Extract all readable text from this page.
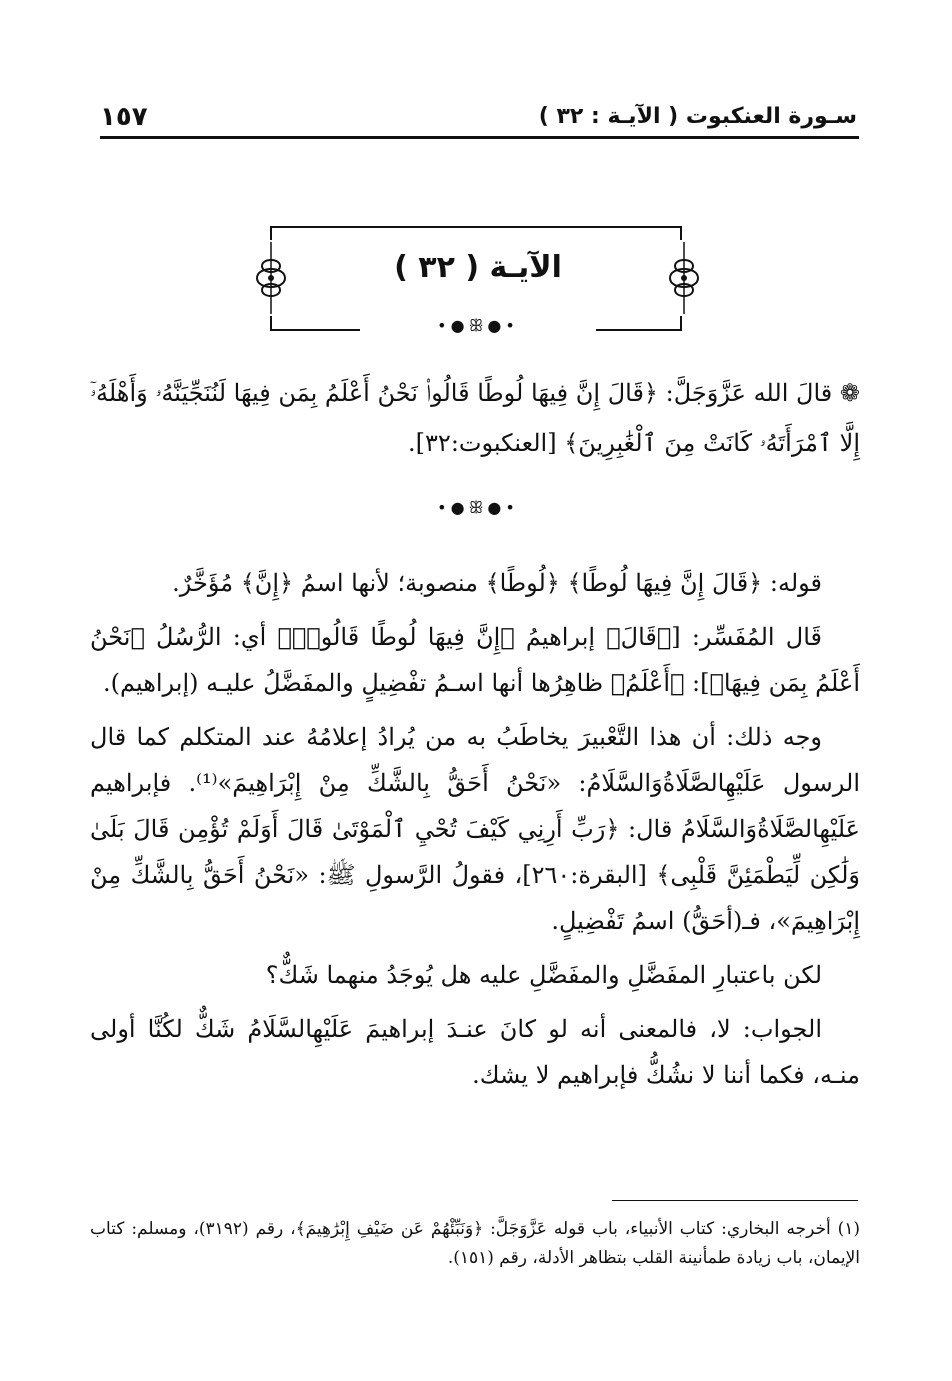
سـورة العنكبوت ( الآيـة : ٣٢ )
١٥٧
الآيـة ( ٣٢ )
•●ꕥ●•
❁ قالَ الله عَزَّوَجَلَّ: ﴿قَالَ إِنَّ فِيهَا لُوطًا قَالُوا۟ نَحْنُ أَعْلَمُ بِمَن فِيهَا لَنُنَجِّيَنَّهُۥ وَأَهْلَهُۥٓ إِلَّا ٱمْرَأَتَهُۥ كَانَتْ مِنَ ٱلْغَٰبِرِينَ﴾ [العنكبوت:٣٢].
•●ꕥ●•

قوله: ﴿قَالَ إِنَّ فِيهَا لُوطًا﴾ ﴿لُوطًا﴾ منصوبة؛ لأنها اسمُ ﴿إِنَّ﴾ مُؤَخَّرٌ.

قَال المُفَسِّر: [﴿قَالَ﴾ إبراهيمُ ﴿إِنَّ فِيهَا لُوطًا قَالُوا۟﴾ أي: الرُّسُلُ ﴿نَحْنُ أَعْلَمُ بِمَن فِيهَا﴾]: ﴿أَعْلَمُ﴾ ظاهِرُها أنها اسـمُ تفْضِيلٍ والمفَضَّلُ عليـه (إبراهيم).

وجه ذلك: أن هذا التَّعْبيرَ يخاطَبُ به من يُرادُ إعلامُهُ عند المتكلم كما قال الرسول عَلَيْهِالصَّلَاةُوَالسَّلَامُ: «نَحْنُ أَحَقُّ بِالشَّكِّ مِنْ إِبْرَاهِيمَ»⁽¹⁾. فإبراهيم عَلَيْهِالصَّلَاةُوَالسَّلَامُ قال: ﴿رَبِّ أَرِنِي كَيْفَ تُحْيِ ٱلْمَوْتَىٰ قَالَ أَوَلَمْ تُؤْمِن قَالَ بَلَىٰ وَلَٰكِن لِّيَطْمَئِنَّ قَلْبِى﴾ [البقرة:٢٦٠]، فقولُ الرَّسولِ ﷺ: «نَحْنُ أَحَقُّ بِالشَّكِّ مِنْ إِبْرَاهِيمَ»، فـ(أحَقُّ) اسمُ تَفْضِيلٍ.

لكن باعتبارِ المفَضَّلِ والمفَضَّلِ عليه هل يُوجَدُ منهما شَكٌّ؟

الجواب: لا، فالمعنى أنه لو كانَ عنـدَ إبراهيمَ عَلَيْهِالسَّلَامُ شَكٌّ لكُنَّا أولى منـه، فكما أننا لا نشُكُّ فإبراهيم لا يشك.

(١) أخرجه البخاري: كتاب الأنبياء، باب قوله عَزَّوَجَلَّ: ﴿وَنَبِّئْهُمْ عَن ضَيْفِ إِبْرَٰهِيمَ﴾، رقم (٣١٩٢)، ومسلم: كتاب الإيمان، باب زيادة طمأنينة القلب بتظاهر الأدلة، رقم (١٥١).
